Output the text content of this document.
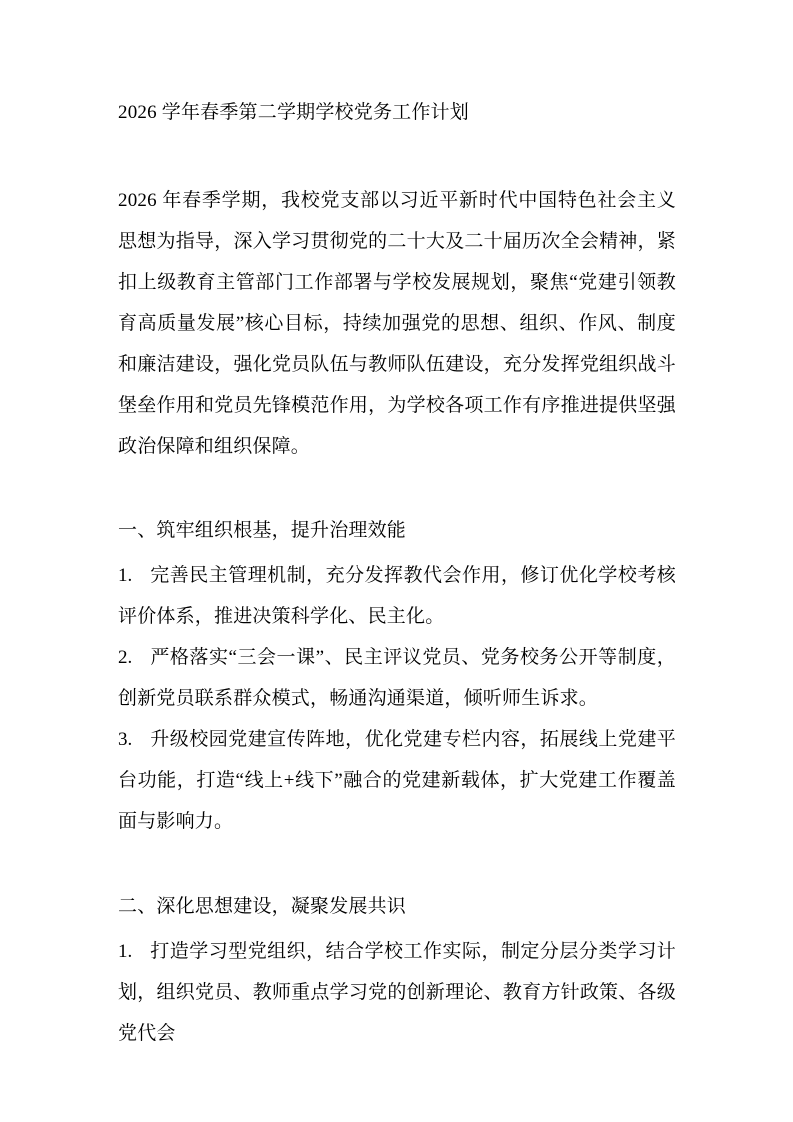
2026 学年春季第二学期学校党务工作计划

2026 年春季学期，我校党支部以习近平新时代中国特色社会主义思想为指导，深入学习贯彻党的二十大及二十届历次全会精神，紧扣上级教育主管部门工作部署与学校发展规划，聚焦“党建引领教育高质量发展”核心目标，持续加强党的思想、组织、作风、制度和廉洁建设，强化党员队伍与教师队伍建设，充分发挥党组织战斗堡垒作用和党员先锋模范作用，为学校各项工作有序推进提供坚强政治保障和组织保障。

一、筑牢组织根基，提升治理效能

1. 完善民主管理机制，充分发挥教代会作用，修订优化学校考核评价体系，推进决策科学化、民主化。

2. 严格落实“三会一课”、民主评议党员、党务校务公开等制度，创新党员联系群众模式，畅通沟通渠道，倾听师生诉求。

3. 升级校园党建宣传阵地，优化党建专栏内容，拓展线上党建平台功能，打造“线上+线下”融合的党建新载体，扩大党建工作覆盖面与影响力。

二、深化思想建设，凝聚发展共识

1. 打造学习型党组织，结合学校工作实际，制定分层分类学习计划，组织党员、教师重点学习党的创新理论、教育方针政策、各级党代会
